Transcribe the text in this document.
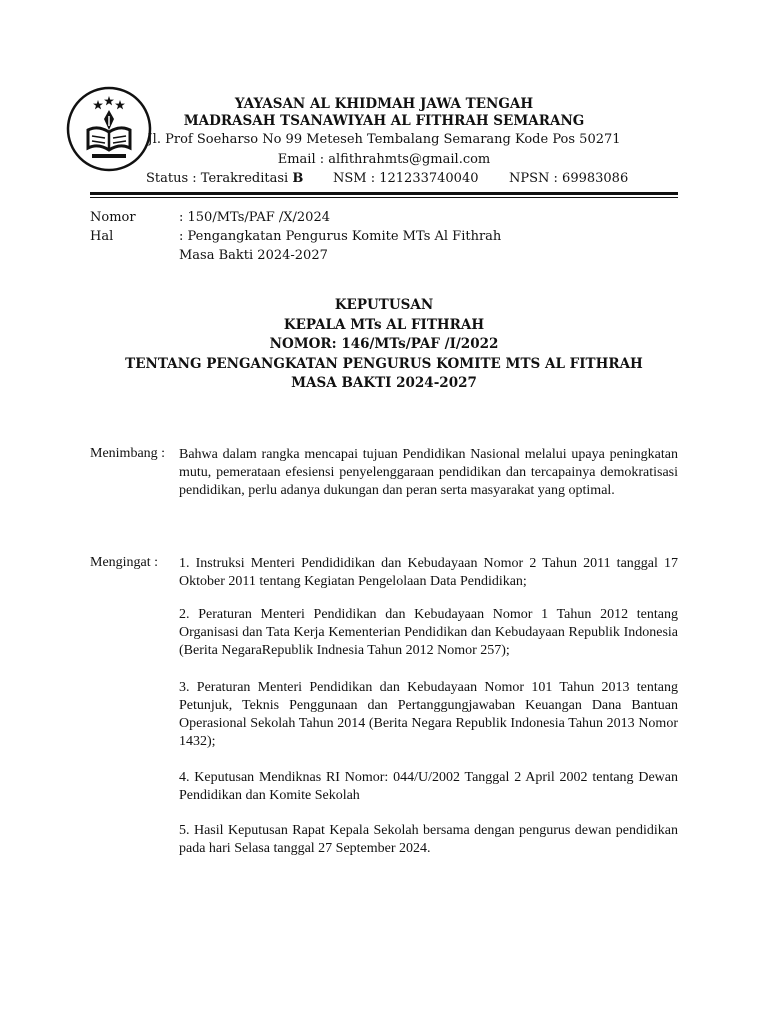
YAYASAN AL KHIDMAH JAWA TENGAH
MADRASAH TSANAWIYAH AL FITHRAH SEMARANG
Jl. Prof Soeharso No 99 Meteseh Tembalang Semarang Kode Pos 50271
Email : alfithrahmts@gmail.com
Status : Terakreditasi B NSM : 121233740040 NPSN : 69983086
Nomor	: 150/MTs/PAF /X/2024
Hal	: Pengangkatan Pengurus Komite MTs Al Fithrah
Masa Bakti 2024-2027
KEPUTUSAN
KEPALA MTs AL FITHRAH
NOMOR: 146/MTs/PAF /I/2022
TENTANG PENGANGKATAN PENGURUS KOMITE MTS AL FITHRAH
MASA BAKTI 2024-2027
Menimbang : Bahwa dalam rangka mencapai tujuan Pendidikan Nasional melalui upaya peningkatan mutu, pemerataan efesiensi penyelenggaraan pendidikan dan tercapainya demokratisasi pendidikan, perlu adanya dukungan dan peran serta masyarakat yang optimal.
Mengingat : 1. Instruksi Menteri Pendididikan dan Kebudayaan Nomor 2 Tahun 2011 tanggal 17 Oktober 2011 tentang Kegiatan Pengelolaan Data Pendidikan;
2. Peraturan Menteri Pendidikan dan Kebudayaan Nomor 1 Tahun 2012 tentang Organisasi dan Tata Kerja Kementerian Pendidikan dan Kebudayaan Republik Indonesia (Berita NegaraRepublik Indnesia Tahun 2012 Nomor 257);
3. Peraturan Menteri Pendidikan dan Kebudayaan Nomor 101 Tahun 2013 tentang Petunjuk, Teknis Penggunaan dan Pertanggungjawaban Keuangan Dana Bantuan Operasional Sekolah Tahun 2014 (Berita Negara Republik Indonesia Tahun 2013 Nomor 1432);
4. Keputusan Mendiknas RI Nomor: 044/U/2002 Tanggal 2 April 2002 tentang Dewan Pendidikan dan Komite Sekolah
5. Hasil Keputusan Rapat Kepala Sekolah bersama dengan pengurus dewan pendidikan pada hari Selasa tanggal 27 September 2024.
